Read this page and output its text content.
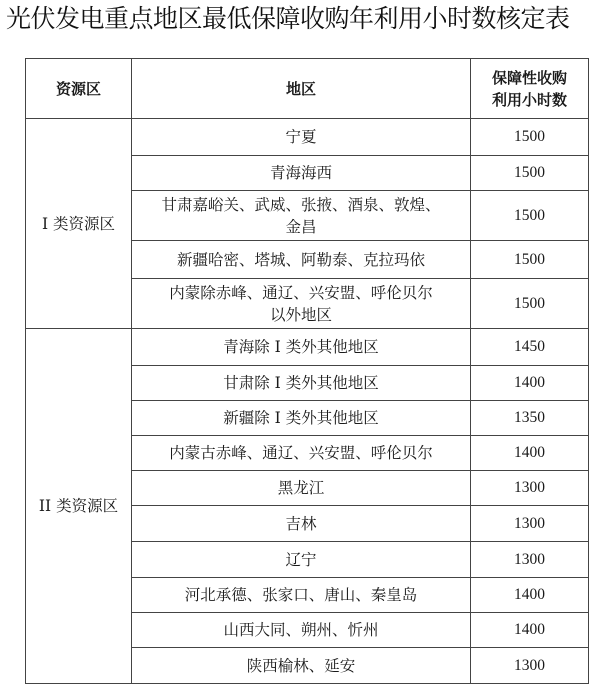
光伏发电重点地区最低保障收购年利用小时数核定表
资源区	地区	保障性收购
利用小时数

I 类资源区	宁夏	1500
	青海海西	1500

	甘肃嘉峪关、武威、张掖、酒泉、敦煌、
金昌	1500
	新疆哈密、塔城、阿勒泰、克拉玛依	1500

	内蒙除赤峰、通辽、兴安盟、呼伦贝尔
以外地区	1500
II 类资源区	青海除 I 类外其他地区	1450
	甘肃除 I 类外其他地区	1400
	新疆除 I 类外其他地区	1350
	内蒙古赤峰、通辽、兴安盟、呼伦贝尔	1400
	黑龙江	1300
	吉林	1300
	辽宁	1300
	河北承德、张家口、唐山、秦皇岛	1400
	山西大同、朔州、忻州	1400
	陕西榆林、延安	1300
